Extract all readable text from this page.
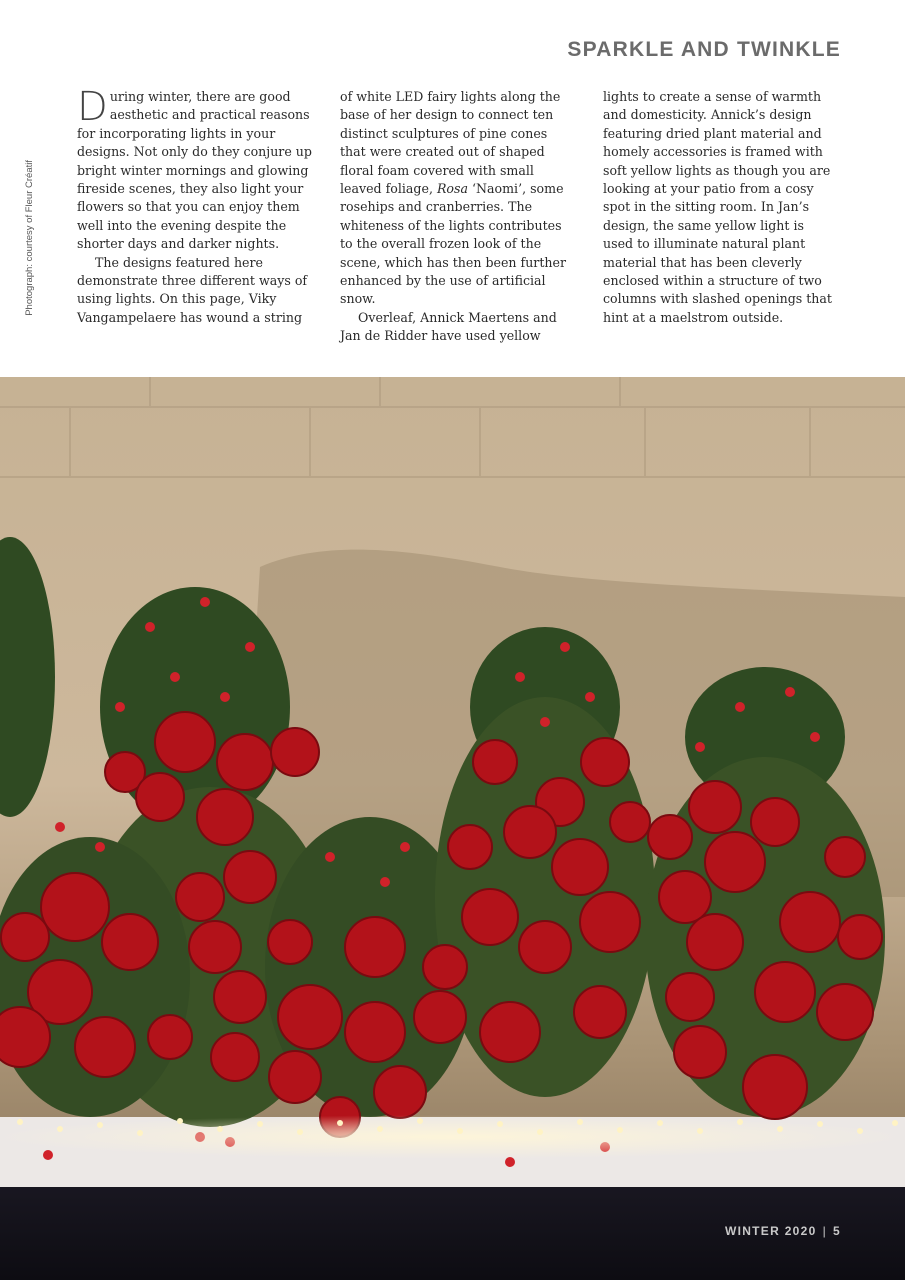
SPARKLE AND TWINKLE
Photograph: courtesy of Fleur Créatif

During winter, there are good aesthetic and practical reasons for incorporating lights in your designs. Not only do they conjure up bright winter mornings and glowing fireside scenes, they also light your flowers so that you can enjoy them well into the evening despite the shorter days and darker nights.

The designs featured here demonstrate three different ways of using lights. On this page, Viky Vangampelaere has wound a string

of white LED fairy lights along the base of her design to connect ten distinct sculptures of pine cones that were created out of shaped floral foam covered with small leaved foliage, Rosa ‘Naomi’, some rosehips and cranberries. The whiteness of the lights contributes to the overall frozen look of the scene, which has then been further enhanced by the use of artificial snow.

Overleaf, Annick Maertens and Jan de Ridder have used yellow

lights to create a sense of warmth and domesticity. Annick’s design featuring dried plant material and homely accessories is framed with soft yellow lights as though you are looking at your patio from a cosy spot in the sitting room. In Jan’s design, the same yellow light is used to illuminate natural plant material that has been cleverly enclosed within a structure of two columns with slashed openings that hint at a maelstrom outside.

WINTER 2020 | 5
